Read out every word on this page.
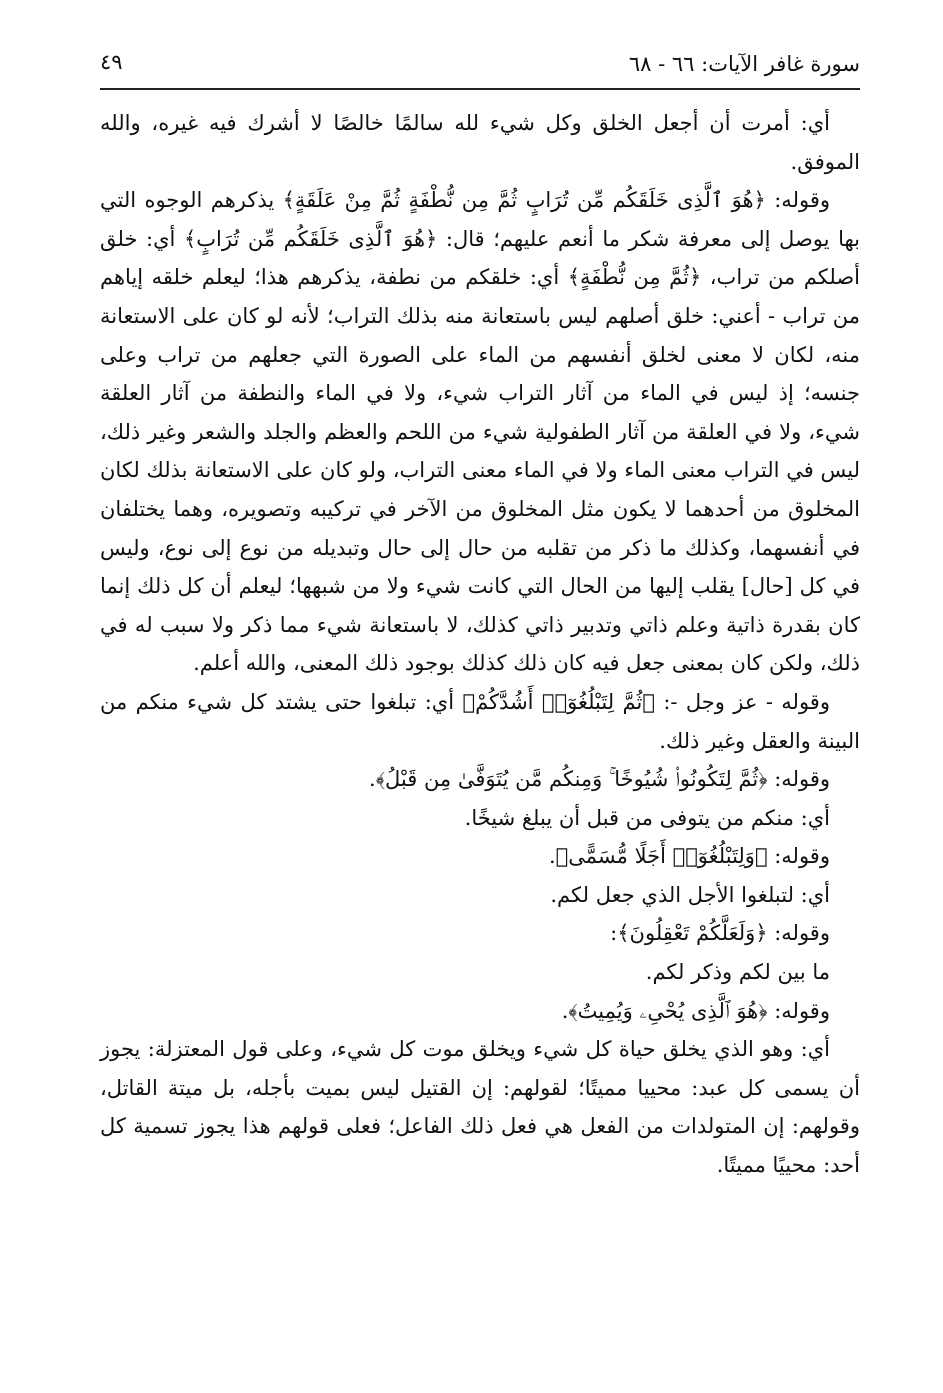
سورة غافر الآيات: ٦٦ - ٦٨
٤٩

أي: أمرت أن أجعل الخلق وكل شيء لله سالمًا خالصًا لا أشرك فيه غيره، والله الموفق.

وقوله: ﴿هُوَ ٱلَّذِى خَلَقَكُم مِّن تُرَابٍ ثُمَّ مِن نُّطْفَةٍ ثُمَّ مِنْ عَلَقَةٍ﴾ يذكرهم الوجوه التي بها يوصل إلى معرفة شكر ما أنعم عليهم؛ قال: ﴿هُوَ ٱلَّذِى خَلَقَكُم مِّن تُرَابٍ﴾ أي: خلق أصلكم من تراب، ﴿ثُمَّ مِن نُّطْفَةٍ﴾ أي: خلقكم من نطفة، يذكرهم هذا؛ ليعلم خلقه إياهم من تراب - أعني: خلق أصلهم ليس باستعانة منه بذلك التراب؛ لأنه لو كان على الاستعانة منه، لكان لا معنى لخلق أنفسهم من الماء على الصورة التي جعلهم من تراب وعلى جنسه؛ إذ ليس في الماء من آثار التراب شيء، ولا في الماء والنطفة من آثار العلقة شيء، ولا في العلقة من آثار الطفولية شيء من اللحم والعظم والجلد والشعر وغير ذلك، ليس في التراب معنى الماء ولا في الماء معنى التراب، ولو كان على الاستعانة بذلك لكان المخلوق من أحدهما لا يكون مثل المخلوق من الآخر في تركيبه وتصويره، وهما يختلفان في أنفسهما، وكذلك ما ذكر من تقلبه من حال إلى حال وتبديله من نوع إلى نوع، وليس في كل [حال] يقلب إليها من الحال التي كانت شيء ولا من شبهها؛ ليعلم أن كل ذلك إنما كان بقدرة ذاتية وعلم ذاتي وتدبير ذاتي كذلك، لا باستعانة شيء مما ذكر ولا سبب له في ذلك، ولكن كان بمعنى جعل فيه كان ذلك كذلك بوجود ذلك المعنى، والله أعلم.

وقوله - عز وجل -: ﴿ثُمَّ لِتَبْلُغُوٓا۟ أَشُدَّكُمْ﴾ أي: تبلغوا حتى يشتد كل شيء منكم من البينة والعقل وغير ذلك.

وقوله: ﴿ثُمَّ لِتَكُونُوا۟ شُيُوخًا ۚ وَمِنكُم مَّن يُتَوَفَّىٰ مِن قَبْلُ﴾.

أي: منكم من يتوفى من قبل أن يبلغ شيخًا.

وقوله: ﴿وَلِتَبْلُغُوٓا۟ أَجَلًا مُّسَمًّى﴾.

أي: لتبلغوا الأجل الذي جعل لكم.

وقوله: ﴿وَلَعَلَّكُمْ تَعْقِلُونَ﴾:

ما بين لكم وذكر لكم.

وقوله: ﴿هُوَ ٱلَّذِى يُحْىِۦ وَيُمِيتُ﴾.

أي: وهو الذي يخلق حياة كل شيء ويخلق موت كل شيء، وعلى قول المعتزلة: يجوز أن يسمى كل عبد: محييا مميتًا؛ لقولهم: إن القتيل ليس بميت بأجله، بل ميتة القاتل، وقولهم: إن المتولدات من الفعل هي فعل ذلك الفاعل؛ فعلى قولهم هذا يجوز تسمية كل أحد: محييًا مميتًا.
